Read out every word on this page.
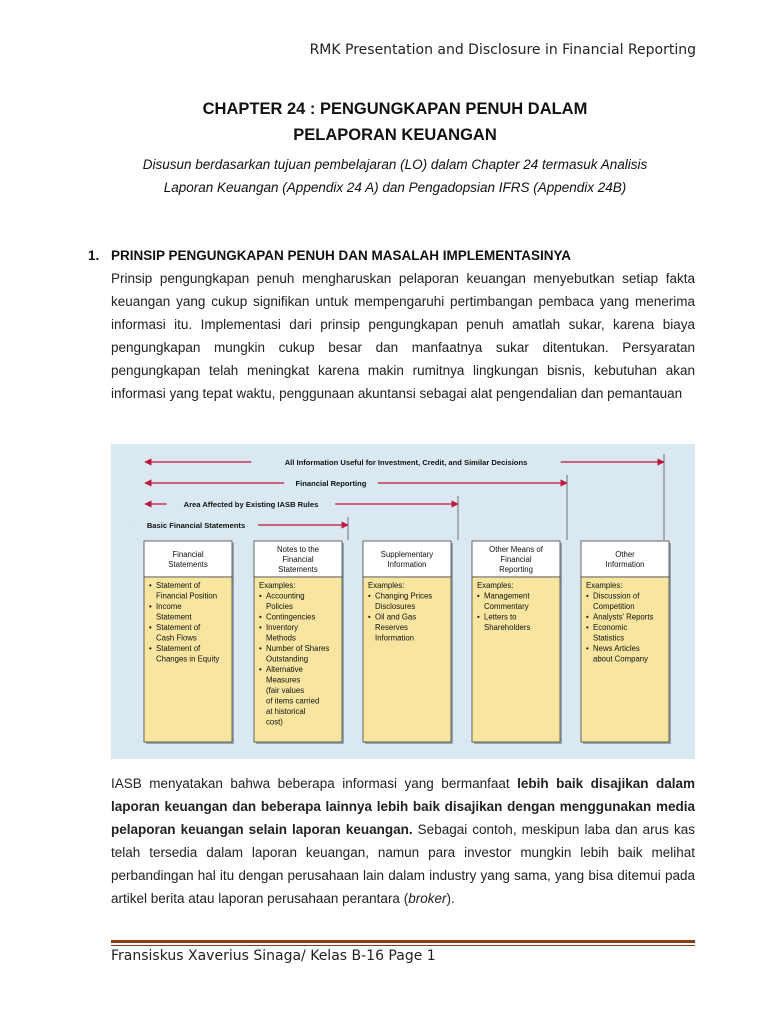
RMK Presentation and Disclosure in Financial Reporting
CHAPTER 24 : PENGUNGKAPAN PENUH DALAM
PELAPORAN KEUANGAN
Disusun berdasarkan tujuan pembelajaran (LO) dalam Chapter 24 termasuk Analisis
Laporan Keuangan (Appendix 24 A) dan Pengadopsian IFRS (Appendix 24B)
1. PRINSIP PENGUNGKAPAN PENUH DAN MASALAH IMPLEMENTASINYA
Prinsip pengungkapan penuh mengharuskan pelaporan keuangan menyebutkan setiap fakta keuangan yang cukup signifikan untuk mempengaruhi pertimbangan pembaca yang menerima informasi itu. Implementasi dari prinsip pengungkapan penuh amatlah sukar, karena biaya pengungkapan mungkin cukup besar dan manfaatnya sukar ditentukan. Persyaratan pengungkapan telah meningkat karena makin rumitnya lingkungan bisnis, kebutuhan akan informasi yang tepat waktu, penggunaan akuntansi sebagai alat pengendalian dan pemantauan
All Information Useful for Investment, Credit, and Similar Decisions
Financial Reporting
Area Affected by Existing IASB Rules
Basic Financial Statements
Financial
Statements
• Statement of
Financial Position
• Income
Statement
• Statement of
Cash Flows
• Statement of
Changes in Equity
Notes to the
Financial
Statements
Examples:
• Accounting
Policies
• Contingencies
• Inventory
Methods
• Number of Shares
Outstanding
• Alternative
Measures
(fair values
of items carried
at historical
cost)
Supplementary
Information
Examples:
• Changing Prices
Disclosures
• Oil and Gas
Reserves
Information
Other Means of
Financial
Reporting
Examples:
• Management
Commentary
• Letters to
Shareholders
Other
Information
Examples:
• Discussion of
Competition
• Analysts' Reports
• Economic
Statistics
• News Articles
about Company
IASB menyatakan bahwa beberapa informasi yang bermanfaat lebih baik disajikan dalam laporan keuangan dan beberapa lainnya lebih baik disajikan dengan menggunakan media pelaporan keuangan selain laporan keuangan. Sebagai contoh, meskipun laba dan arus kas telah tersedia dalam laporan keuangan, namun para investor mungkin lebih baik melihat perbandingan hal itu dengan perusahaan lain dalam industry yang sama, yang bisa ditemui pada artikel berita atau laporan perusahaan perantara (broker).
Fransiskus Xaverius Sinaga/ Kelas B-16 Page 1
